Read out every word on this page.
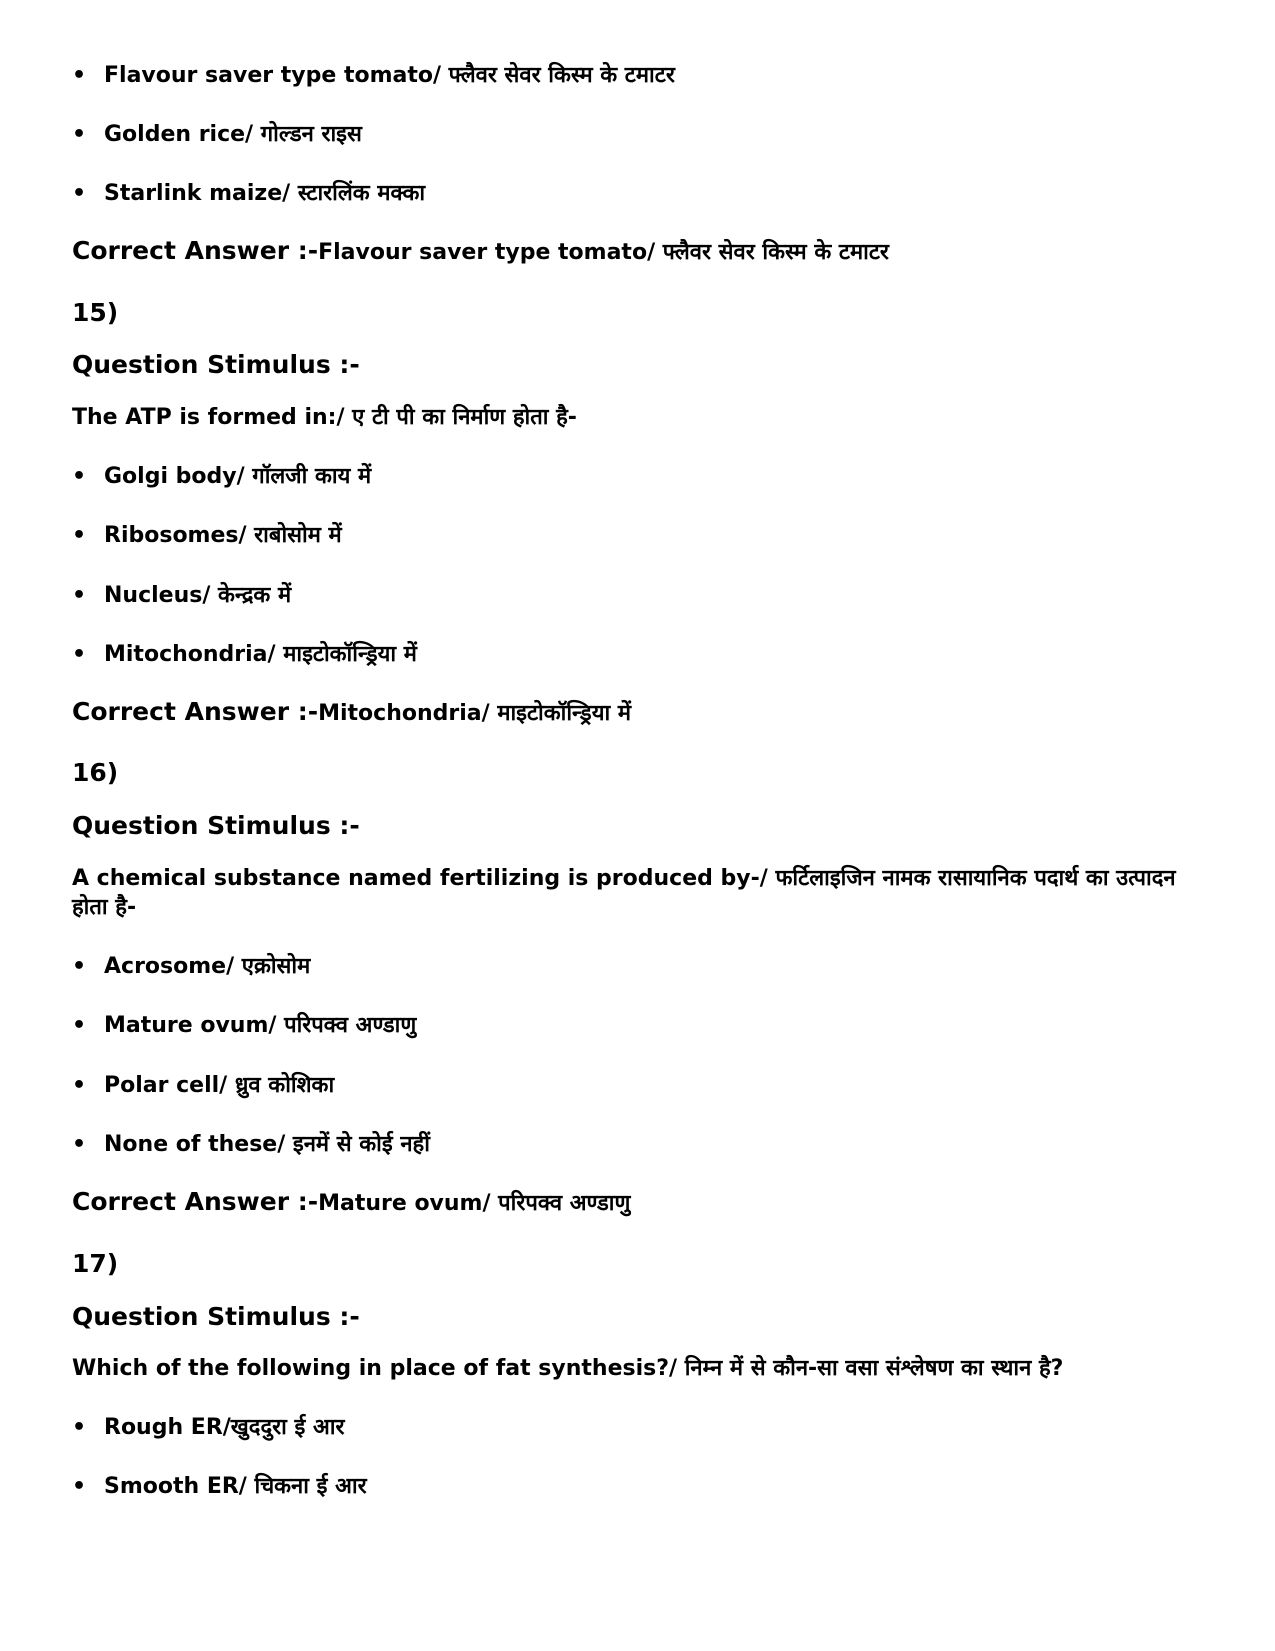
• Flavour saver type tomato/ फ्लैवर सेवर किस्म के टमाटर
• Golden rice/ गोल्डन राइस
• Starlink maize/ स्टारलिंक मक्का
Correct Answer :-Flavour saver type tomato/ फ्लैवर सेवर किस्म के टमाटर
15)
Question Stimulus :-
The ATP is formed in:/ ए टी पी का निर्माण होता है-
• Golgi body/ गॉलजी काय में
• Ribosomes/ राबोसोम में
• Nucleus/ केन्द्रक में
• Mitochondria/ माइटोकॉन्ड्रिया में
Correct Answer :-Mitochondria/ माइटोकॉन्ड्रिया में
16)
Question Stimulus :-
A chemical substance named fertilizing is produced by-/ फर्टिलाइजिन नामक रासायानिक पदार्थ का उत्पादन होता है-
• Acrosome/ एक्रोसोम
• Mature ovum/ परिपक्व अण्डाणु
• Polar cell/ ध्रुव कोशिका
• None of these/ इनमें से कोई नहीं
Correct Answer :-Mature ovum/ परिपक्व अण्डाणु
17)
Question Stimulus :-
Which of the following in place of fat synthesis?/ निम्न में से कौन-सा वसा संश्लेषण का स्थान है?
• Rough ER/खुददुरा ई आर
• Smooth ER/ चिकना ई आर
